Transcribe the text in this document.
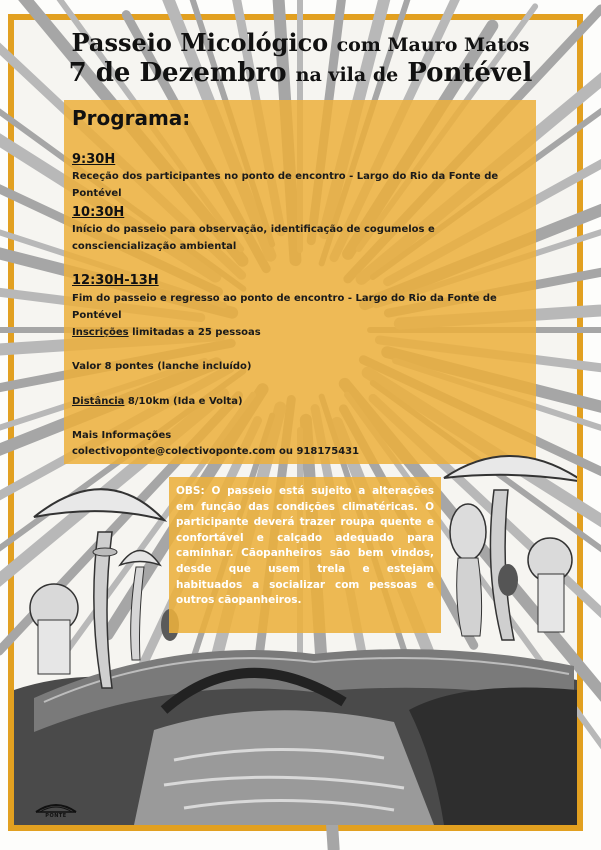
Passeio Micológico com Mauro Matos
7 de Dezembro na vila de Pontével
Programa:
9:30H
Receção dos participantes no ponto de encontro - Largo do Rio da Fonte de Pontével
10:30H
Início do passeio para observação, identificação de cogumelos e consciencialização ambiental
12:30H-13H
Fim do passeio e regresso ao ponto de encontro - Largo do Rio da Fonte de Pontével
Inscrições limitadas a 25 pessoas
Valor 8 pontes (lanche incluído)
Distância 8/10km (Ida e Volta)
Mais Informações
colectivoponte@colectivoponte.com ou 918175431

OBS: O passeio está sujeito a alterações em função das condições climatéricas. O participante deverá trazer roupa quente e confortável e calçado adequado para caminhar. Cãopanheiros são bem vindos, desde que usem trela e estejam habituados a socializar com pessoas e outros cãopanheiros.

PONTE
